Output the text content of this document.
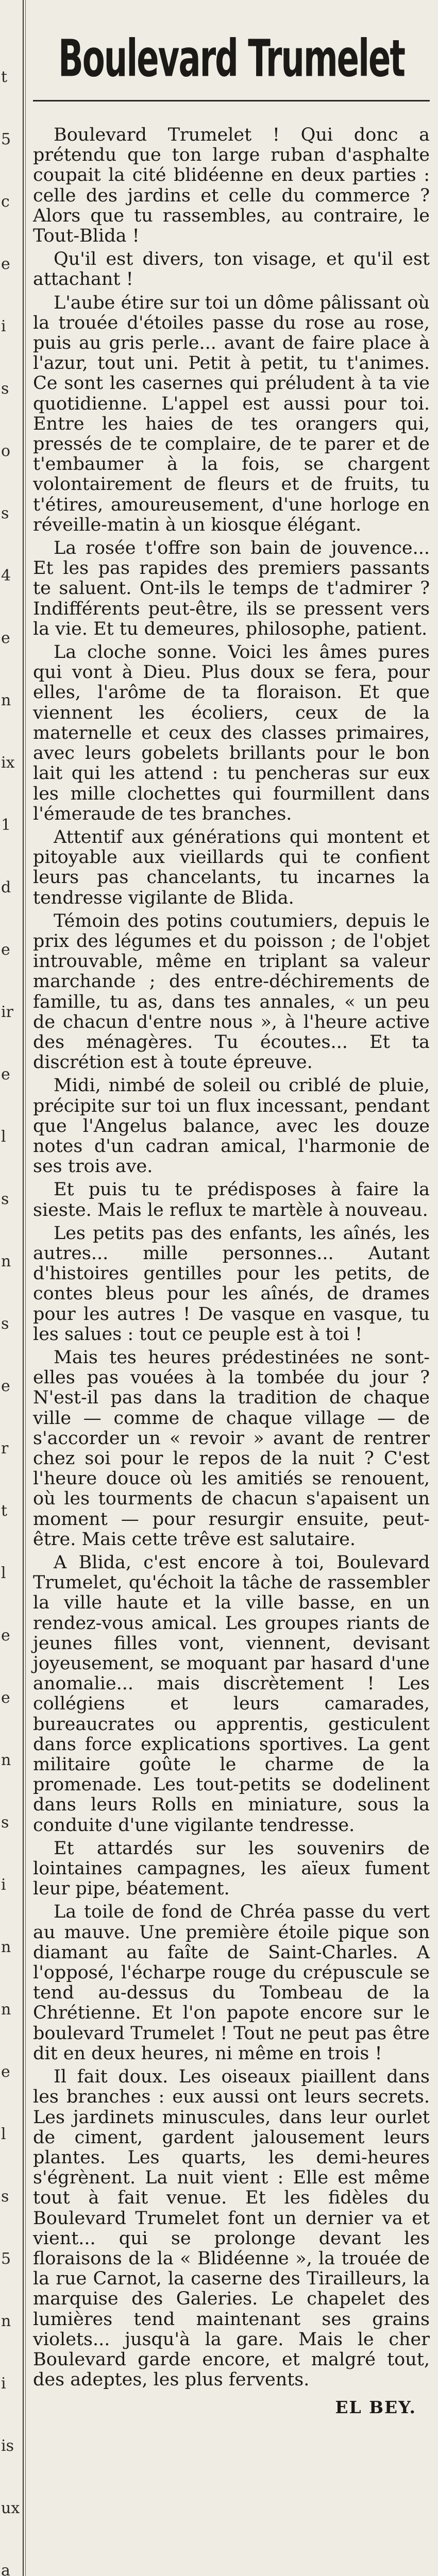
t
5
c
e
i
s
o
s
4
e
n
ix
1
d
e
ir
e
l
s
n
s
e
r
t
l
e
e
n
s
i
n
n
e
l
s
5
n
i
is
ux
a
Boulevard Trumelet

Boulevard Trumelet ! Qui donc a prétendu que ton large ruban d'asphalte coupait la cité blidéenne en deux parties : celle des jardins et celle du commerce ? Alors que tu rassembles, au contraire, le Tout-Blida !

Qu'il est divers, ton visage, et qu'il est attachant !

L'aube étire sur toi un dôme pâlissant où la trouée d'étoiles passe du rose au rose, puis au gris perle... avant de faire place à l'azur, tout uni. Petit à petit, tu t'animes. Ce sont les casernes qui préludent à ta vie quotidienne. L'appel est aussi pour toi. Entre les haies de tes orangers qui, pressés de te complaire, de te parer et de t'embaumer à la fois, se chargent volontairement de fleurs et de fruits, tu t'étires, amoureusement, d'une horloge en réveille-matin à un kiosque élégant.

La rosée t'offre son bain de jouvence... Et les pas rapides des premiers passants te saluent. Ont-ils le temps de t'admirer ? Indifférents peut-être, ils se pressent vers la vie. Et tu demeures, philosophe, patient.

La cloche sonne. Voici les âmes pures qui vont à Dieu. Plus doux se fera, pour elles, l'arôme de ta floraison. Et que viennent les écoliers, ceux de la maternelle et ceux des classes primaires, avec leurs gobelets brillants pour le bon lait qui les attend : tu pencheras sur eux les mille clochettes qui fourmillent dans l'émeraude de tes branches.

Attentif aux générations qui montent et pitoyable aux vieillards qui te confient leurs pas chancelants, tu incarnes la tendresse vigilante de Blida.

Témoin des potins coutumiers, depuis le prix des légumes et du poisson ; de l'objet introuvable, même en triplant sa valeur marchande ; des entre-déchirements de famille, tu as, dans tes annales, « un peu de chacun d'entre nous », à l'heure active des ménagères. Tu écoutes... Et ta discrétion est à toute épreuve.

Midi, nimbé de soleil ou criblé de pluie, précipite sur toi un flux incessant, pendant que l'Angelus balance, avec les douze notes d'un cadran amical, l'harmonie de ses trois ave.

Et puis tu te prédisposes à faire la sieste. Mais le reflux te martèle à nouveau.

Les petits pas des enfants, les aînés, les autres... mille personnes... Autant d'histoires gentilles pour les petits, de contes bleus pour les aînés, de drames pour les autres ! De vasque en vasque, tu les salues : tout ce peuple est à toi !

Mais tes heures prédestinées ne sont-elles pas vouées à la tombée du jour ? N'est-il pas dans la tradition de chaque ville — comme de chaque village — de s'accorder un « revoir » avant de rentrer chez soi pour le repos de la nuit ? C'est l'heure douce où les amitiés se renouent, où les tourments de chacun s'apaisent un moment — pour resurgir ensuite, peut-être. Mais cette trêve est salutaire.

A Blida, c'est encore à toi, Boulevard Trumelet, qu'échoit la tâche de rassembler la ville haute et la ville basse, en un rendez-vous amical. Les groupes riants de jeunes filles vont, viennent, devisant joyeusement, se moquant par hasard d'une anomalie... mais discrètement ! Les collégiens et leurs camarades, bureaucrates ou apprentis, gesticulent dans force explications sportives. La gent militaire goûte le charme de la promenade. Les tout-petits se dodelinent dans leurs Rolls en miniature, sous la conduite d'une vigilante tendresse.

Et attardés sur les souvenirs de lointaines campagnes, les aïeux fument leur pipe, béatement.

La toile de fond de Chréa passe du vert au mauve. Une première étoile pique son diamant au faîte de Saint-Charles. A l'opposé, l'écharpe rouge du crépuscule se tend au-dessus du Tombeau de la Chrétienne. Et l'on papote encore sur le boulevard Trumelet ! Tout ne peut pas être dit en deux heures, ni même en trois !

Il fait doux. Les oiseaux piaillent dans les branches : eux aussi ont leurs secrets. Les jardinets minuscules, dans leur ourlet de ciment, gardent jalousement leurs plantes. Les quarts, les demi-heures s'égrènent. La nuit vient : Elle est même tout à fait venue. Et les fidèles du Boulevard Trumelet font un dernier va et vient... qui se prolonge devant les floraisons de la « Blidéenne », la trouée de la rue Carnot, la caserne des Tirailleurs, la marquise des Galeries. Le chapelet des lumières tend maintenant ses grains violets... jusqu'à la gare. Mais le cher Boulevard garde encore, et malgré tout, des adeptes, les plus fervents.

EL BEY.
